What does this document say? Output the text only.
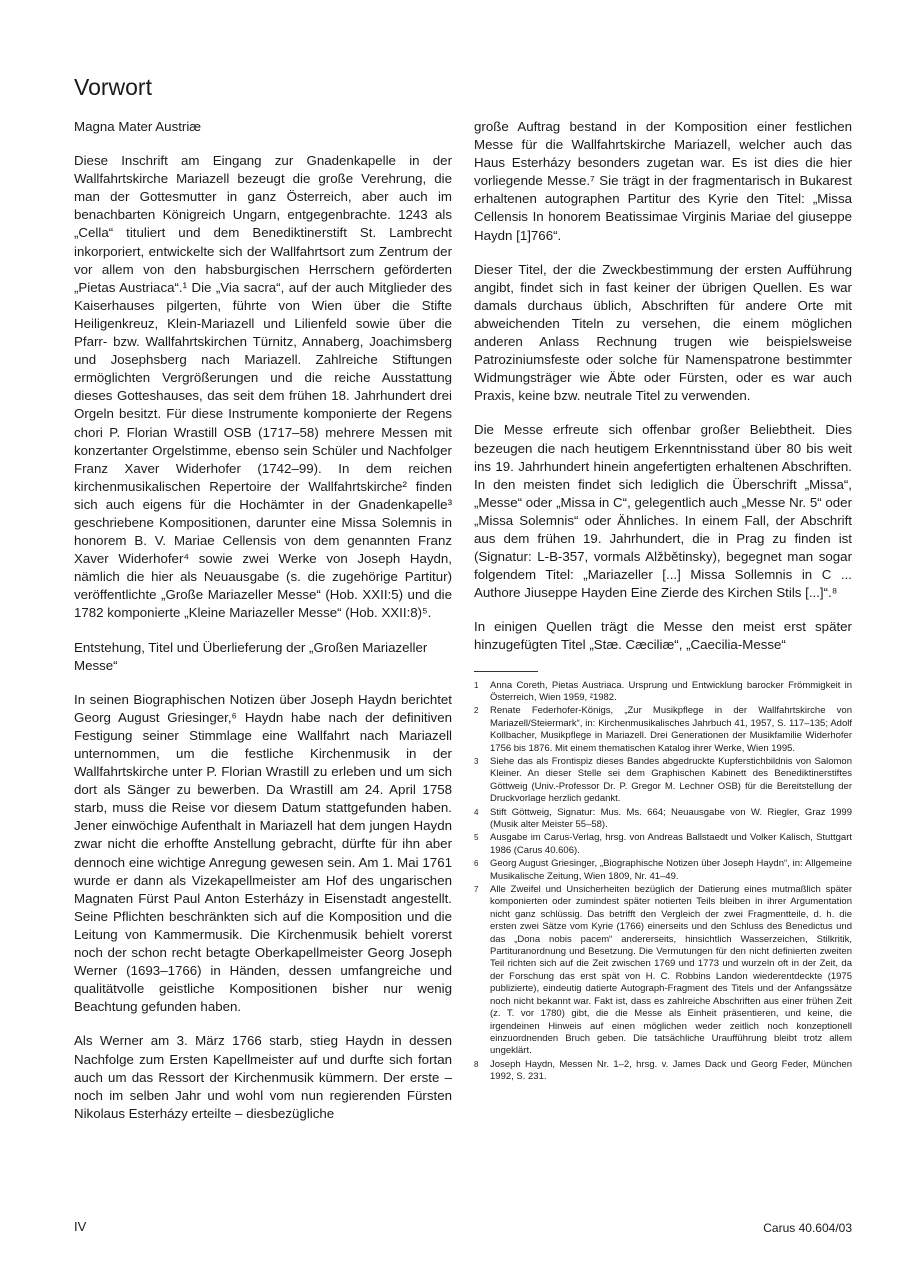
Vorwort

Magna Mater Austriæ

Diese Inschrift am Eingang zur Gnadenkapelle in der Wallfahrtskirche Mariazell bezeugt die große Verehrung, die man der Gottesmutter in ganz Österreich, aber auch im benachbarten Königreich Ungarn, entgegenbrachte. 1243 als „Cella“ tituliert und dem Benediktinerstift St. Lambrecht inkorporiert, entwickelte sich der Wallfahrtsort zum Zentrum der vor allem von den habsburgischen Herrschern geförderten „Pietas Austriaca“.¹ Die „Via sacra“, auf der auch Mitglieder des Kaiserhauses pilgerten, führte von Wien über die Stifte Heiligenkreuz, Klein-Mariazell und Lilienfeld sowie über die Pfarr- bzw. Wallfahrtskirchen Türnitz, Annaberg, Joachimsberg und Josephsberg nach Mariazell. Zahlreiche Stiftungen ermöglichten Vergrößerungen und die reiche Ausstattung dieses Gotteshauses, das seit dem frühen 18. Jahrhundert drei Orgeln besitzt. Für diese Instrumente komponierte der Regens chori P. Florian Wrastill OSB (1717–58) mehrere Messen mit konzertanter Orgelstimme, ebenso sein Schüler und Nachfolger Franz Xaver Widerhofer (1742–99). In dem reichen kirchenmusikalischen Repertoire der Wallfahrtskirche² finden sich auch eigens für die Hochämter in der Gnadenkapelle³ geschriebene Kompositionen, darunter eine Missa Solemnis in honorem B. V. Mariae Cellensis von dem genannten Franz Xaver Widerhofer⁴ sowie zwei Werke von Joseph Haydn, nämlich die hier als Neuausgabe (s. die zugehörige Partitur) veröffentlichte „Große Mariazeller Messe“ (Hob. XXII:5) und die 1782 komponierte „Kleine Mariazeller Messe“ (Hob. XXII:8)⁵.

Entstehung, Titel und Überlieferung der „Großen Mariazeller Messe“

In seinen Biographischen Notizen über Joseph Haydn berichtet Georg August Griesinger,⁶ Haydn habe nach der definitiven Festigung seiner Stimmlage eine Wallfahrt nach Mariazell unternommen, um die festliche Kirchenmusik in der Wallfahrtskirche unter P. Florian Wrastill zu erleben und um sich dort als Sänger zu bewerben. Da Wrastill am 24. April 1758 starb, muss die Reise vor diesem Datum stattgefunden haben. Jener einwöchige Aufenthalt in Mariazell hat dem jungen Haydn zwar nicht die erhoffte Anstellung gebracht, dürfte für ihn aber dennoch eine wichtige Anregung gewesen sein. Am 1. Mai 1761 wurde er dann als Vizekapellmeister am Hof des ungarischen Magnaten Fürst Paul Anton Esterházy in Eisenstadt angestellt. Seine Pflichten beschränkten sich auf die Komposition und die Leitung von Kammermusik. Die Kirchenmusik behielt vorerst noch der schon recht betagte Oberkapellmeister Georg Joseph Werner (1693–1766) in Händen, dessen umfangreiche und qualitätvolle geistliche Kompositionen bisher nur wenig Beachtung gefunden haben.

Als Werner am 3. März 1766 starb, stieg Haydn in dessen Nachfolge zum Ersten Kapellmeister auf und durfte sich fortan auch um das Ressort der Kirchenmusik kümmern. Der erste – noch im selben Jahr und wohl vom nun regierenden Fürsten Nikolaus Esterházy erteilte – diesbezügliche

große Auftrag bestand in der Komposition einer festlichen Messe für die Wallfahrtskirche Mariazell, welcher auch das Haus Esterházy besonders zugetan war. Es ist dies die hier vorliegende Messe.⁷ Sie trägt in der fragmentarisch in Bukarest erhaltenen autographen Partitur des Kyrie den Titel: „Missa Cellensis In honorem Beatissimae Virginis Mariae del giuseppe Haydn [1]766“.

Dieser Titel, der die Zweckbestimmung der ersten Aufführung angibt, findet sich in fast keiner der übrigen Quellen. Es war damals durchaus üblich, Abschriften für andere Orte mit abweichenden Titeln zu versehen, die einem möglichen anderen Anlass Rechnung trugen wie beispielsweise Patroziniumsfeste oder solche für Namenspatrone bestimmter Widmungsträger wie Äbte oder Fürsten, oder es war auch Praxis, keine bzw. neutrale Titel zu verwenden.

Die Messe erfreute sich offenbar großer Beliebtheit. Dies bezeugen die nach heutigem Erkenntnisstand über 80 bis weit ins 19. Jahrhundert hinein angefertigten erhaltenen Abschriften. In den meisten findet sich lediglich die Überschrift „Missa“, „Messe“ oder „Missa in C“, gelegentlich auch „Messe Nr. 5“ oder „Missa Solemnis“ oder Ähnliches. In einem Fall, der Abschrift aus dem frühen 19. Jahrhundert, die in Prag zu finden ist (Signatur: L-B-357, vormals Alžbětinsky), begegnet man sogar folgendem Titel: „Mariazeller [...] Missa Sollemnis in C ... Authore Jiuseppe Hayden Eine Zierde des Kirchen Stils [...]“.⁸

In einigen Quellen trägt die Messe den meist erst später hinzugefügten Titel „Stæ. Cæciliæ“, „Caecilia-Messe“

1 Anna Coreth, Pietas Austriaca. Ursprung und Entwicklung barocker Frömmigkeit in Österreich, Wien 1959, ²1982.
2 Renate Federhofer-Königs, „Zur Musikpflege in der Wallfahrtskirche von Mariazell/Steiermark“, in: Kirchenmusikalisches Jahrbuch 41, 1957, S. 117–135; Adolf Kollbacher, Musikpflege in Mariazell. Drei Generationen der Musikfamilie Widerhofer 1756 bis 1876. Mit einem thematischen Katalog ihrer Werke, Wien 1995.
3 Siehe das als Frontispiz dieses Bandes abgedruckte Kupferstichbildnis von Salomon Kleiner. An dieser Stelle sei dem Graphischen Kabinett des Benediktinerstiftes Göttweig (Univ.-Professor Dr. P. Gregor M. Lechner OSB) für die Bereitstellung der Druckvorlage herzlich gedankt.
4 Stift Göttweig, Signatur: Mus. Ms. 664; Neuausgabe von W. Riegler, Graz 1999 (Musik alter Meister 55–58).
5 Ausgabe im Carus-Verlag, hrsg. von Andreas Ballstaedt und Volker Kalisch, Stuttgart 1986 (Carus 40.606).
6 Georg August Griesinger, „Biographische Notizen über Joseph Haydn“, in: Allgemeine Musikalische Zeitung, Wien 1809, Nr. 41–49.
7 Alle Zweifel und Unsicherheiten bezüglich der Datierung eines mutmaßlich später komponierten oder zumindest später notierten Teils bleiben in ihrer Argumentation nicht ganz schlüssig. Das betrifft den Vergleich der zwei Fragmentteile, d. h. die ersten zwei Sätze vom Kyrie (1766) einerseits und den Schluss des Benedictus und das „Dona nobis pacem“ andererseits, hinsichtlich Wasserzeichen, Stilkritik, Partituranordnung und Besetzung. Die Vermutungen für den nicht definierten zweiten Teil richten sich auf die Zeit zwischen 1769 und 1773 und wurzeln oft in der Zeit, da der Forschung das erst spät von H. C. Robbins Landon wiederentdeckte (1975 publizierte), eindeutig datierte Autograph-Fragment des Titels und der Anfangssätze noch nicht bekannt war. Fakt ist, dass es zahlreiche Abschriften aus einer frühen Zeit (z. T. vor 1780) gibt, die die Messe als Einheit präsentieren, und keine, die irgendeinen Hinweis auf einen möglichen weder zeitlich noch konzeptionell einzuordnenden Bruch geben. Die tatsächliche Uraufführung bleibt trotz allem ungeklärt.
8 Joseph Haydn, Messen Nr. 1–2, hrsg. v. James Dack und Georg Feder, München 1992, S. 231.
IV	Carus 40.604/03
